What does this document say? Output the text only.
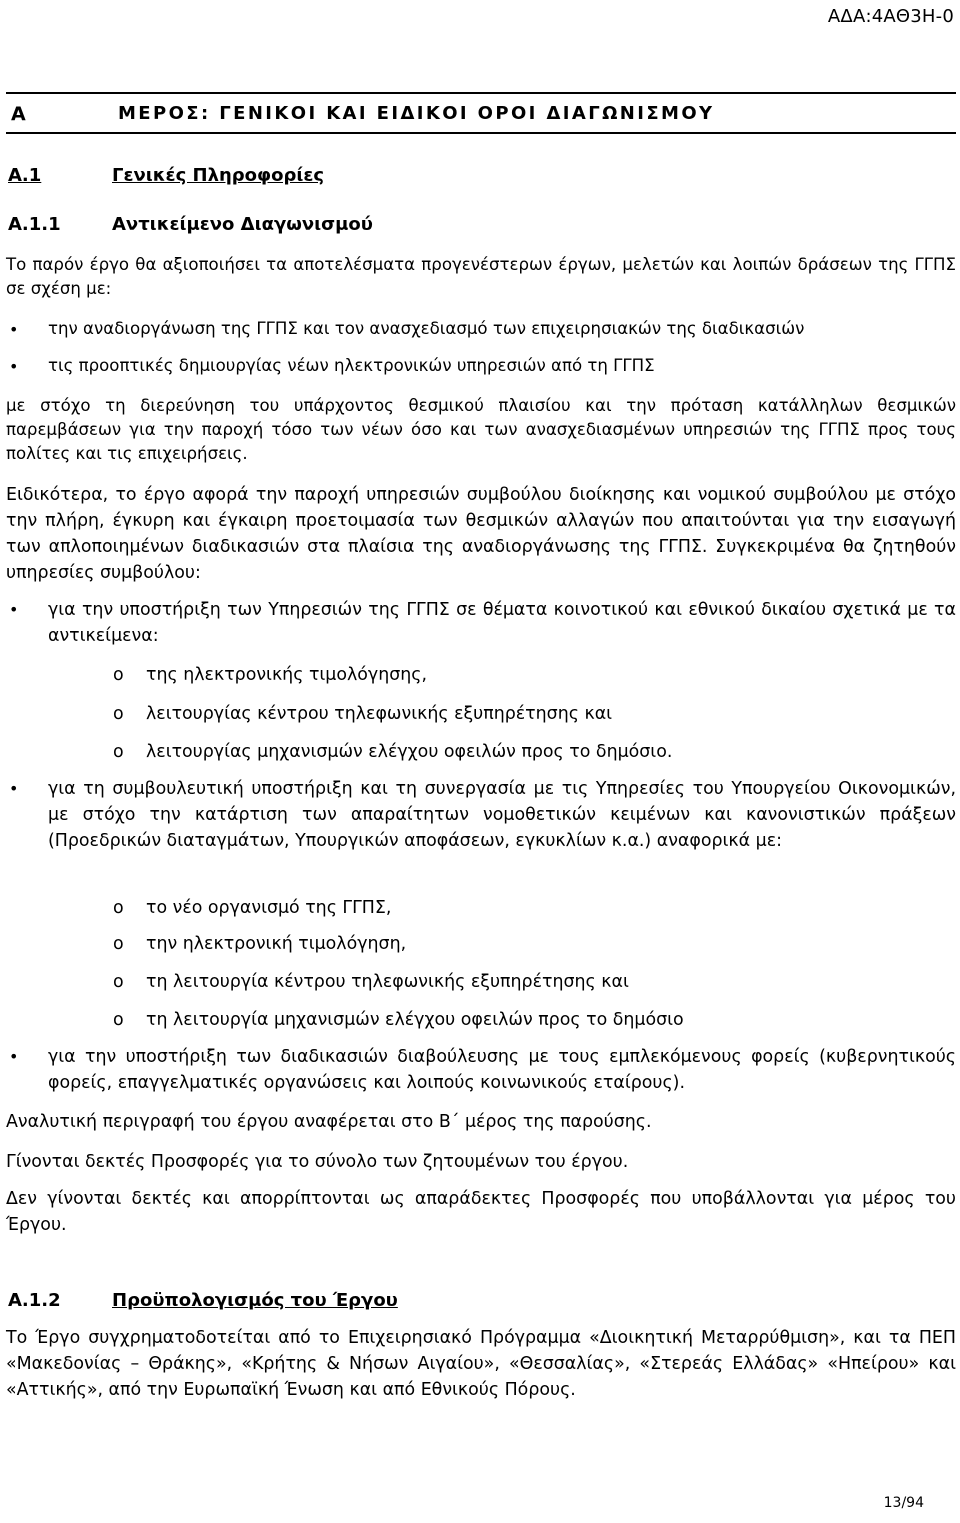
ΑΔΑ:4ΑΘ3Η-0
Α	ΜΕΡΟΣ: ΓΕΝΙΚΟΙ ΚΑΙ ΕΙΔΙΚΟΙ ΟΡΟΙ ΔΙΑΓΩΝΙΣΜΟΥ
Α.1	Γενικές Πληροφορίες
Α.1.1	Αντικείμενο Διαγωνισμού

Το παρόν έργο θα αξιοποιήσει τα αποτελέσματα προγενέστερων έργων, μελετών και λοιπών δράσεων της ΓΓΠΣ σε σχέση με:

• την αναδιοργάνωση της ΓΓΠΣ και τον ανασχεδιασμό των επιχειρησιακών της διαδικασιών

• τις προοπτικές δημιουργίας νέων ηλεκτρονικών υπηρεσιών από τη ΓΓΠΣ

με στόχο τη διερεύνηση του υπάρχοντος θεσμικού πλαισίου και την πρόταση κατάλληλων θεσμικών παρεμβάσεων για την παροχή τόσο των νέων όσο και των ανασχεδιασμένων υπηρεσιών της ΓΓΠΣ προς τους πολίτες και τις επιχειρήσεις.

Ειδικότερα, το έργο αφορά την παροχή υπηρεσιών συμβούλου διοίκησης και νομικού συμβούλου με στόχο την πλήρη, έγκυρη και έγκαιρη προετοιμασία των θεσμικών αλλαγών που απαιτούνται για την εισαγωγή των απλοποιημένων διαδικασιών στα πλαίσια της αναδιοργάνωσης της ΓΓΠΣ. Συγκεκριμένα θα ζητηθούν υπηρεσίες συμβούλου:

• για την υποστήριξη των Υπηρεσιών της ΓΓΠΣ σε θέματα κοινοτικού και εθνικού δικαίου σχετικά με τα αντικείμενα:

o της ηλεκτρονικής τιμολόγησης,
o λειτουργίας κέντρου τηλεφωνικής εξυπηρέτησης και
o λειτουργίας μηχανισμών ελέγχου οφειλών προς το δημόσιο.
• για τη συμβουλευτική υποστήριξη και τη συνεργασία με τις Υπηρεσίες του Υπουργείου Οικονομικών, με στόχο την κατάρτιση των απαραίτητων νομοθετικών κειμένων και κανονιστικών πράξεων (Προεδρικών διαταγμάτων, Υπουργικών αποφάσεων, εγκυκλίων κ.α.) αναφορικά με:

o το νέο οργανισμό της ΓΓΠΣ,
o την ηλεκτρονική τιμολόγηση,
o τη λειτουργία κέντρου τηλεφωνικής εξυπηρέτησης και
o τη λειτουργία μηχανισμών ελέγχου οφειλών προς το δημόσιο
• για την υποστήριξη των διαδικασιών διαβούλευσης με τους εμπλεκόμενους φορείς (κυβερνητικούς φορείς, επαγγελματικές οργανώσεις και λοιπούς κοινωνικούς εταίρους).

Αναλυτική περιγραφή του έργου αναφέρεται στο Β΄ μέρος της παρούσης.

Γίνονται δεκτές Προσφορές για το σύνολο των ζητουμένων του έργου.

Δεν γίνονται δεκτές και απορρίπτονται ως απαράδεκτες Προσφορές που υποβάλλονται για μέρος του Έργου.

Α.1.2	Προϋπολογισμός του Έργου

Το Έργο συγχρηματοδοτείται από το Επιχειρησιακό Πρόγραμμα «Διοικητική Μεταρρύθμιση», και τα ΠΕΠ «Μακεδονίας – Θράκης», «Κρήτης & Νήσων Αιγαίου», «Θεσσαλίας», «Στερεάς Ελλάδας» «Ηπείρου» και «Αττικής», από την Ευρωπαϊκή Ένωση και από Εθνικούς Πόρους.

13/94
